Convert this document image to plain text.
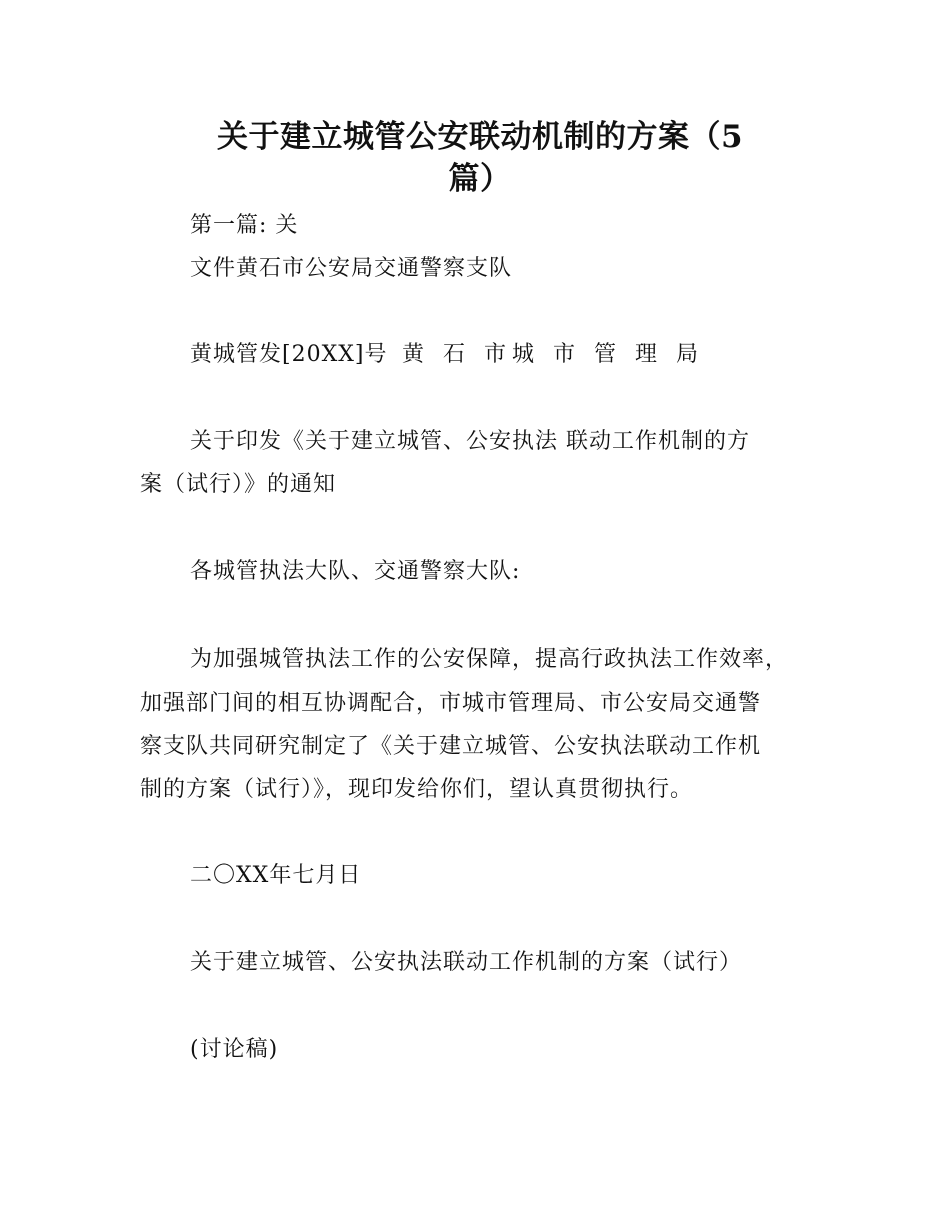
关于建立城管公安联动机制的方案（5
篇）
第一篇: 关
文件黄石市公安局交通警察支队
黄城管发[20XX]号 黄 石 市城 市 管 理 局
关于印发《关于建立城管、公安执法 联动工作机制的方
案（试行）》的通知
各城管执法大队、交通警察大队:
为加强城管执法工作的公安保障，提高行政执法工作效率，
加强部门间的相互协调配合，市城市管理局、市公安局交通警
察支队共同研究制定了《关于建立城管、公安执法联动工作机
制的方案（试行）》，现印发给你们，望认真贯彻执行。
二〇XX年七月日
关于建立城管、公安执法联动工作机制的方案（试行）
(讨论稿)
